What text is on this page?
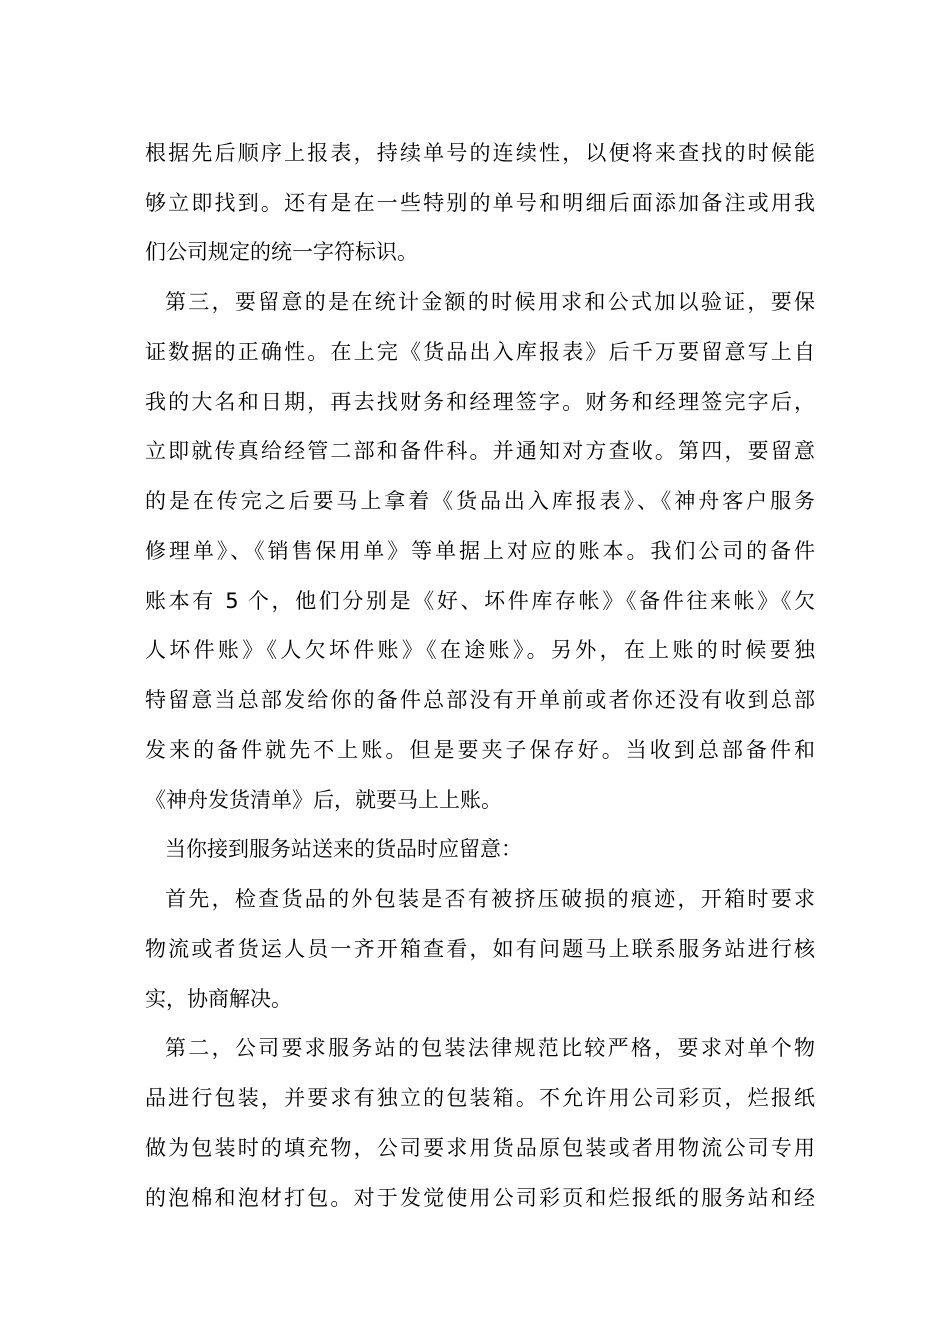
根据先后顺序上报表，持续单号的连续性，以便将来查找的时候能
够立即找到。还有是在一些特别的单号和明细后面添加备注或用我
们公司规定的统一字符标识。
第三，要留意的是在统计金额的时候用求和公式加以验证，要保
证数据的正确性。在上完《货品出入库报表》后千万要留意写上自
我的大名和日期，再去找财务和经理签字。财务和经理签完字后，
立即就传真给经管二部和备件科。并通知对方查收。第四，要留意
的是在传完之后要马上拿着《货品出入库报表》、《神舟客户服务
修理单》、《销售保用单》等单据上对应的账本。我们公司的备件
账本有 5 个，他们分别是《好、坏件库存帐》《备件往来帐》《欠
人坏件账》《人欠坏件账》《在途账》。另外，在上账的时候要独
特留意当总部发给你的备件总部没有开单前或者你还没有收到总部
发来的备件就先不上账。但是要夹子保存好。当收到总部备件和
《神舟发货清单》后，就要马上上账。
当你接到服务站送来的货品时应留意：
首先，检查货品的外包装是否有被挤压破损的痕迹，开箱时要求
物流或者货运人员一齐开箱查看，如有问题马上联系服务站进行核
实，协商解决。
第二，公司要求服务站的包装法律规范比较严格，要求对单个物
品进行包装，并要求有独立的包装箱。不允许用公司彩页，烂报纸
做为包装时的填充物，公司要求用货品原包装或者用物流公司专用
的泡棉和泡材打包。对于发觉使用公司彩页和烂报纸的服务站和经
